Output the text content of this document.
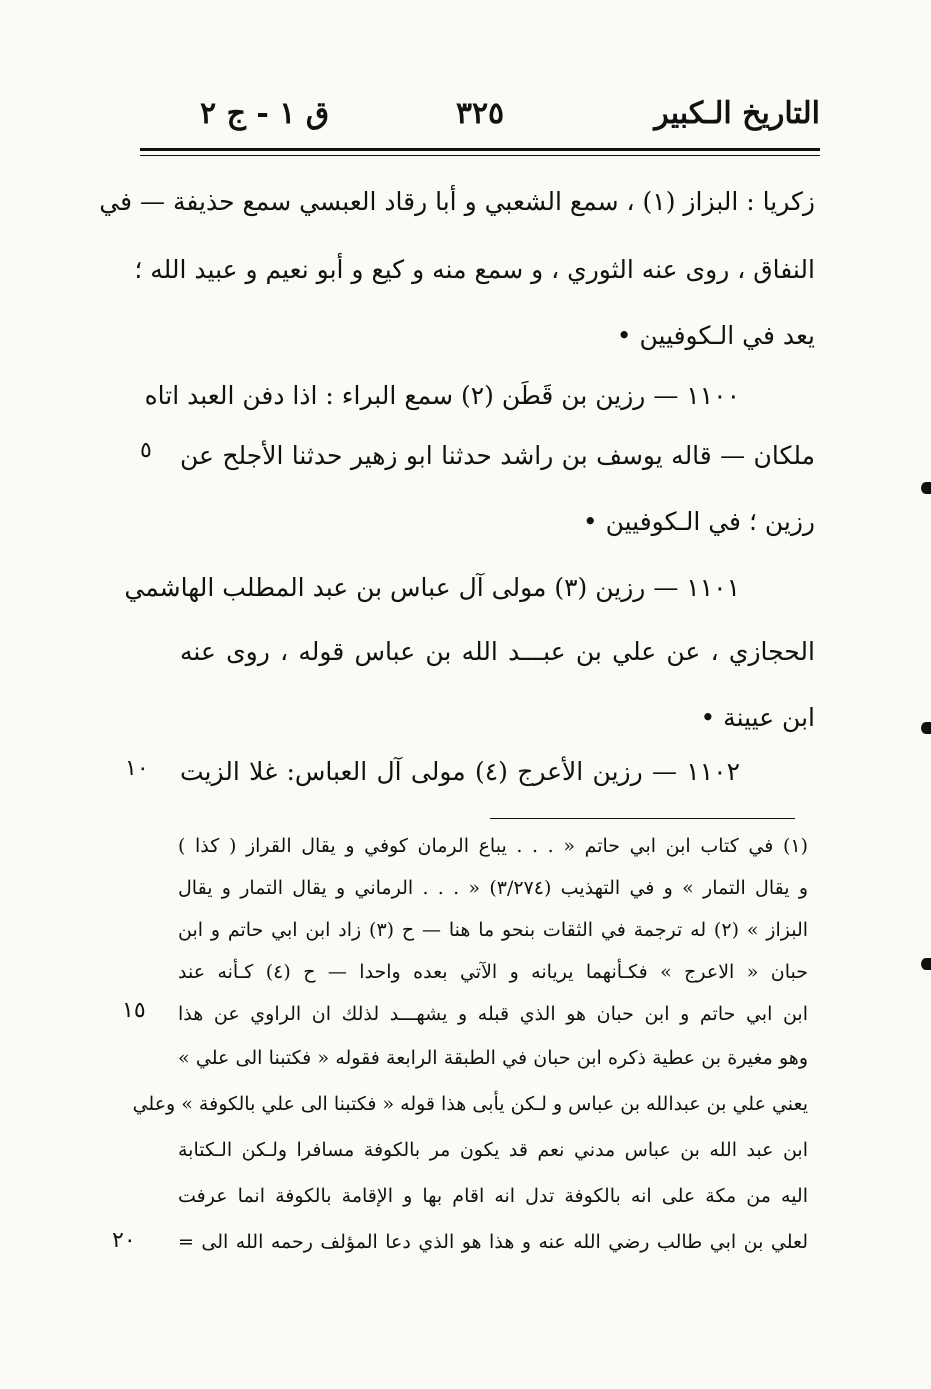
التاريخ الـكبير
٣٢٥
ق ١ - ج ٢
زكريا : البزاز (١) ، سمع الشعبي و أبا رقاد العبسي سمع حذيفة — في
النفاق ، روى عنه الثوري ، و سمع منه و كيع و أبو نعيم و عبيد الله ؛
يعد في الـكوفيين •
١١٠٠ — رزين بن قَطَن (٢) سمع البراء : اذا دفن العبد اتاه
ملكان — قاله يوسف بن راشد حدثنا ابو زهير حدثنا الأجلح عن
رزين ؛ في الـكوفيين •
١١٠١ — رزين (٣) مولى آل عباس بن عبد المطلب الهاشمي
الحجازي ، عن علي بن عبـــد الله بن عباس قوله ، روى عنه
ابن عيينة •
١١٠٢ — رزين الأعرج (٤) مولى آل العباس: غلا الزيت
٥
١٠
(١) في كتاب ابن ابي حاتم « . . . يباع الرمان كوفي و يقال القراز ( كذا )
و يقال التمار » و في التهذيب (٣/٢٧٤) « . . . الرماني و يقال التمار و يقال
البزاز » (٢) له ترجمة في الثقات بنحو ما هنا — ح (٣) زاد ابن ابي حاتم و ابن
حبان « الاعرج » فكـأنهما يريانه و الآتي بعده واحدا — ح (٤) كـأنه عند
ابن ابي حاتم و ابن حبان هو الذي قبله و يشهـــد لذلك ان الراوي عن هذا
وهو مغيرة بن عطية ذكره ابن حبان في الطبقة الرابعة فقوله « فكتبنا الى علي »
يعني علي بن عبدالله بن عباس و لـكن يأبى هذا قوله « فكتبنا الى علي بالكوفة » وعلي
ابن عبد الله بن عباس مدني نعم قد يكون مر بالكوفة مسافرا ولـكن الـكتابة
اليه من مكة على انه بالكوفة تدل انه اقام بها و الإقامة بالكوفة انما عرفت
لعلي بن ابي طالب رضي الله عنه و هذا هو الذي دعا المؤلف رحمه الله الى =
١٥
٢٠
